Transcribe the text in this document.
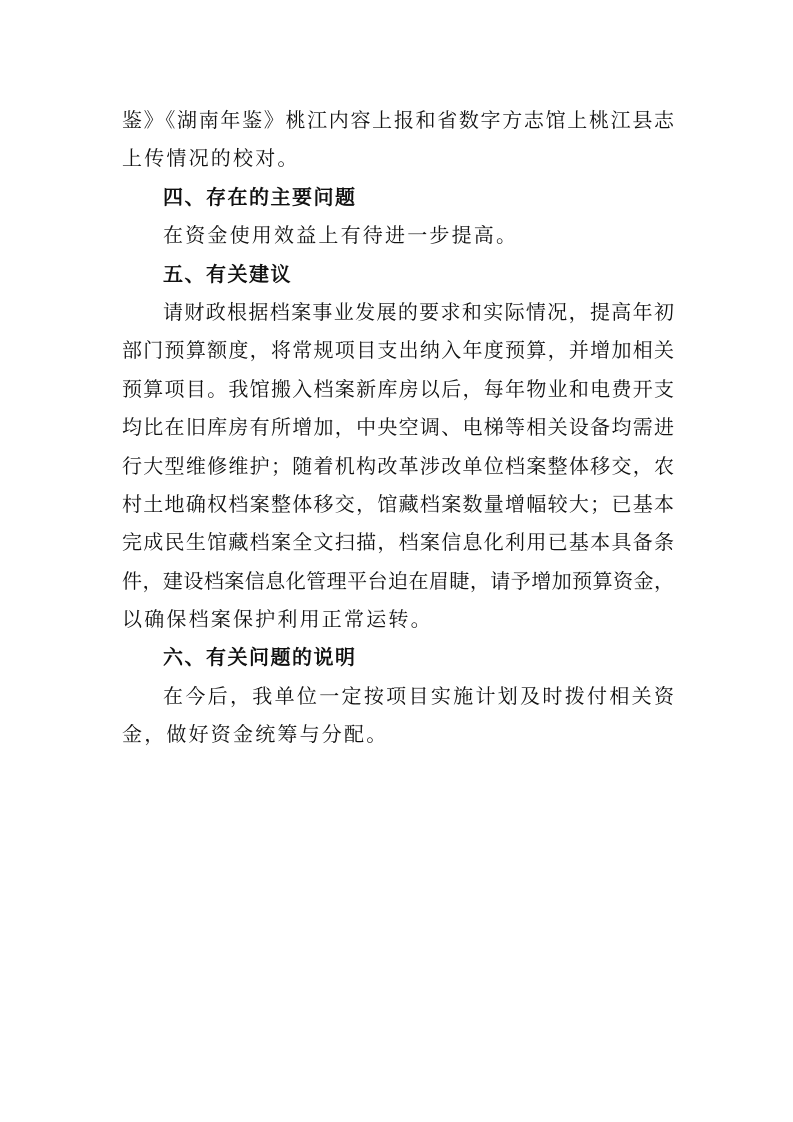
鉴》《湖南年鉴》桃江内容上报和省数字方志馆上桃江县志
上传情况的校对。
四、存在的主要问题
在资金使用效益上有待进一步提高。
五、有关建议
请财政根据档案事业发展的要求和实际情况，提高年初
部门预算额度，将常规项目支出纳入年度预算，并增加相关
预算项目。我馆搬入档案新库房以后，每年物业和电费开支
均比在旧库房有所增加，中央空调、电梯等相关设备均需进
行大型维修维护；随着机构改革涉改单位档案整体移交，农
村土地确权档案整体移交，馆藏档案数量增幅较大；已基本
完成民生馆藏档案全文扫描，档案信息化利用已基本具备条
件，建设档案信息化管理平台迫在眉睫，请予增加预算资金，
以确保档案保护利用正常运转。
六、有关问题的说明
在今后，我单位一定按项目实施计划及时拨付相关资
金，做好资金统筹与分配。
